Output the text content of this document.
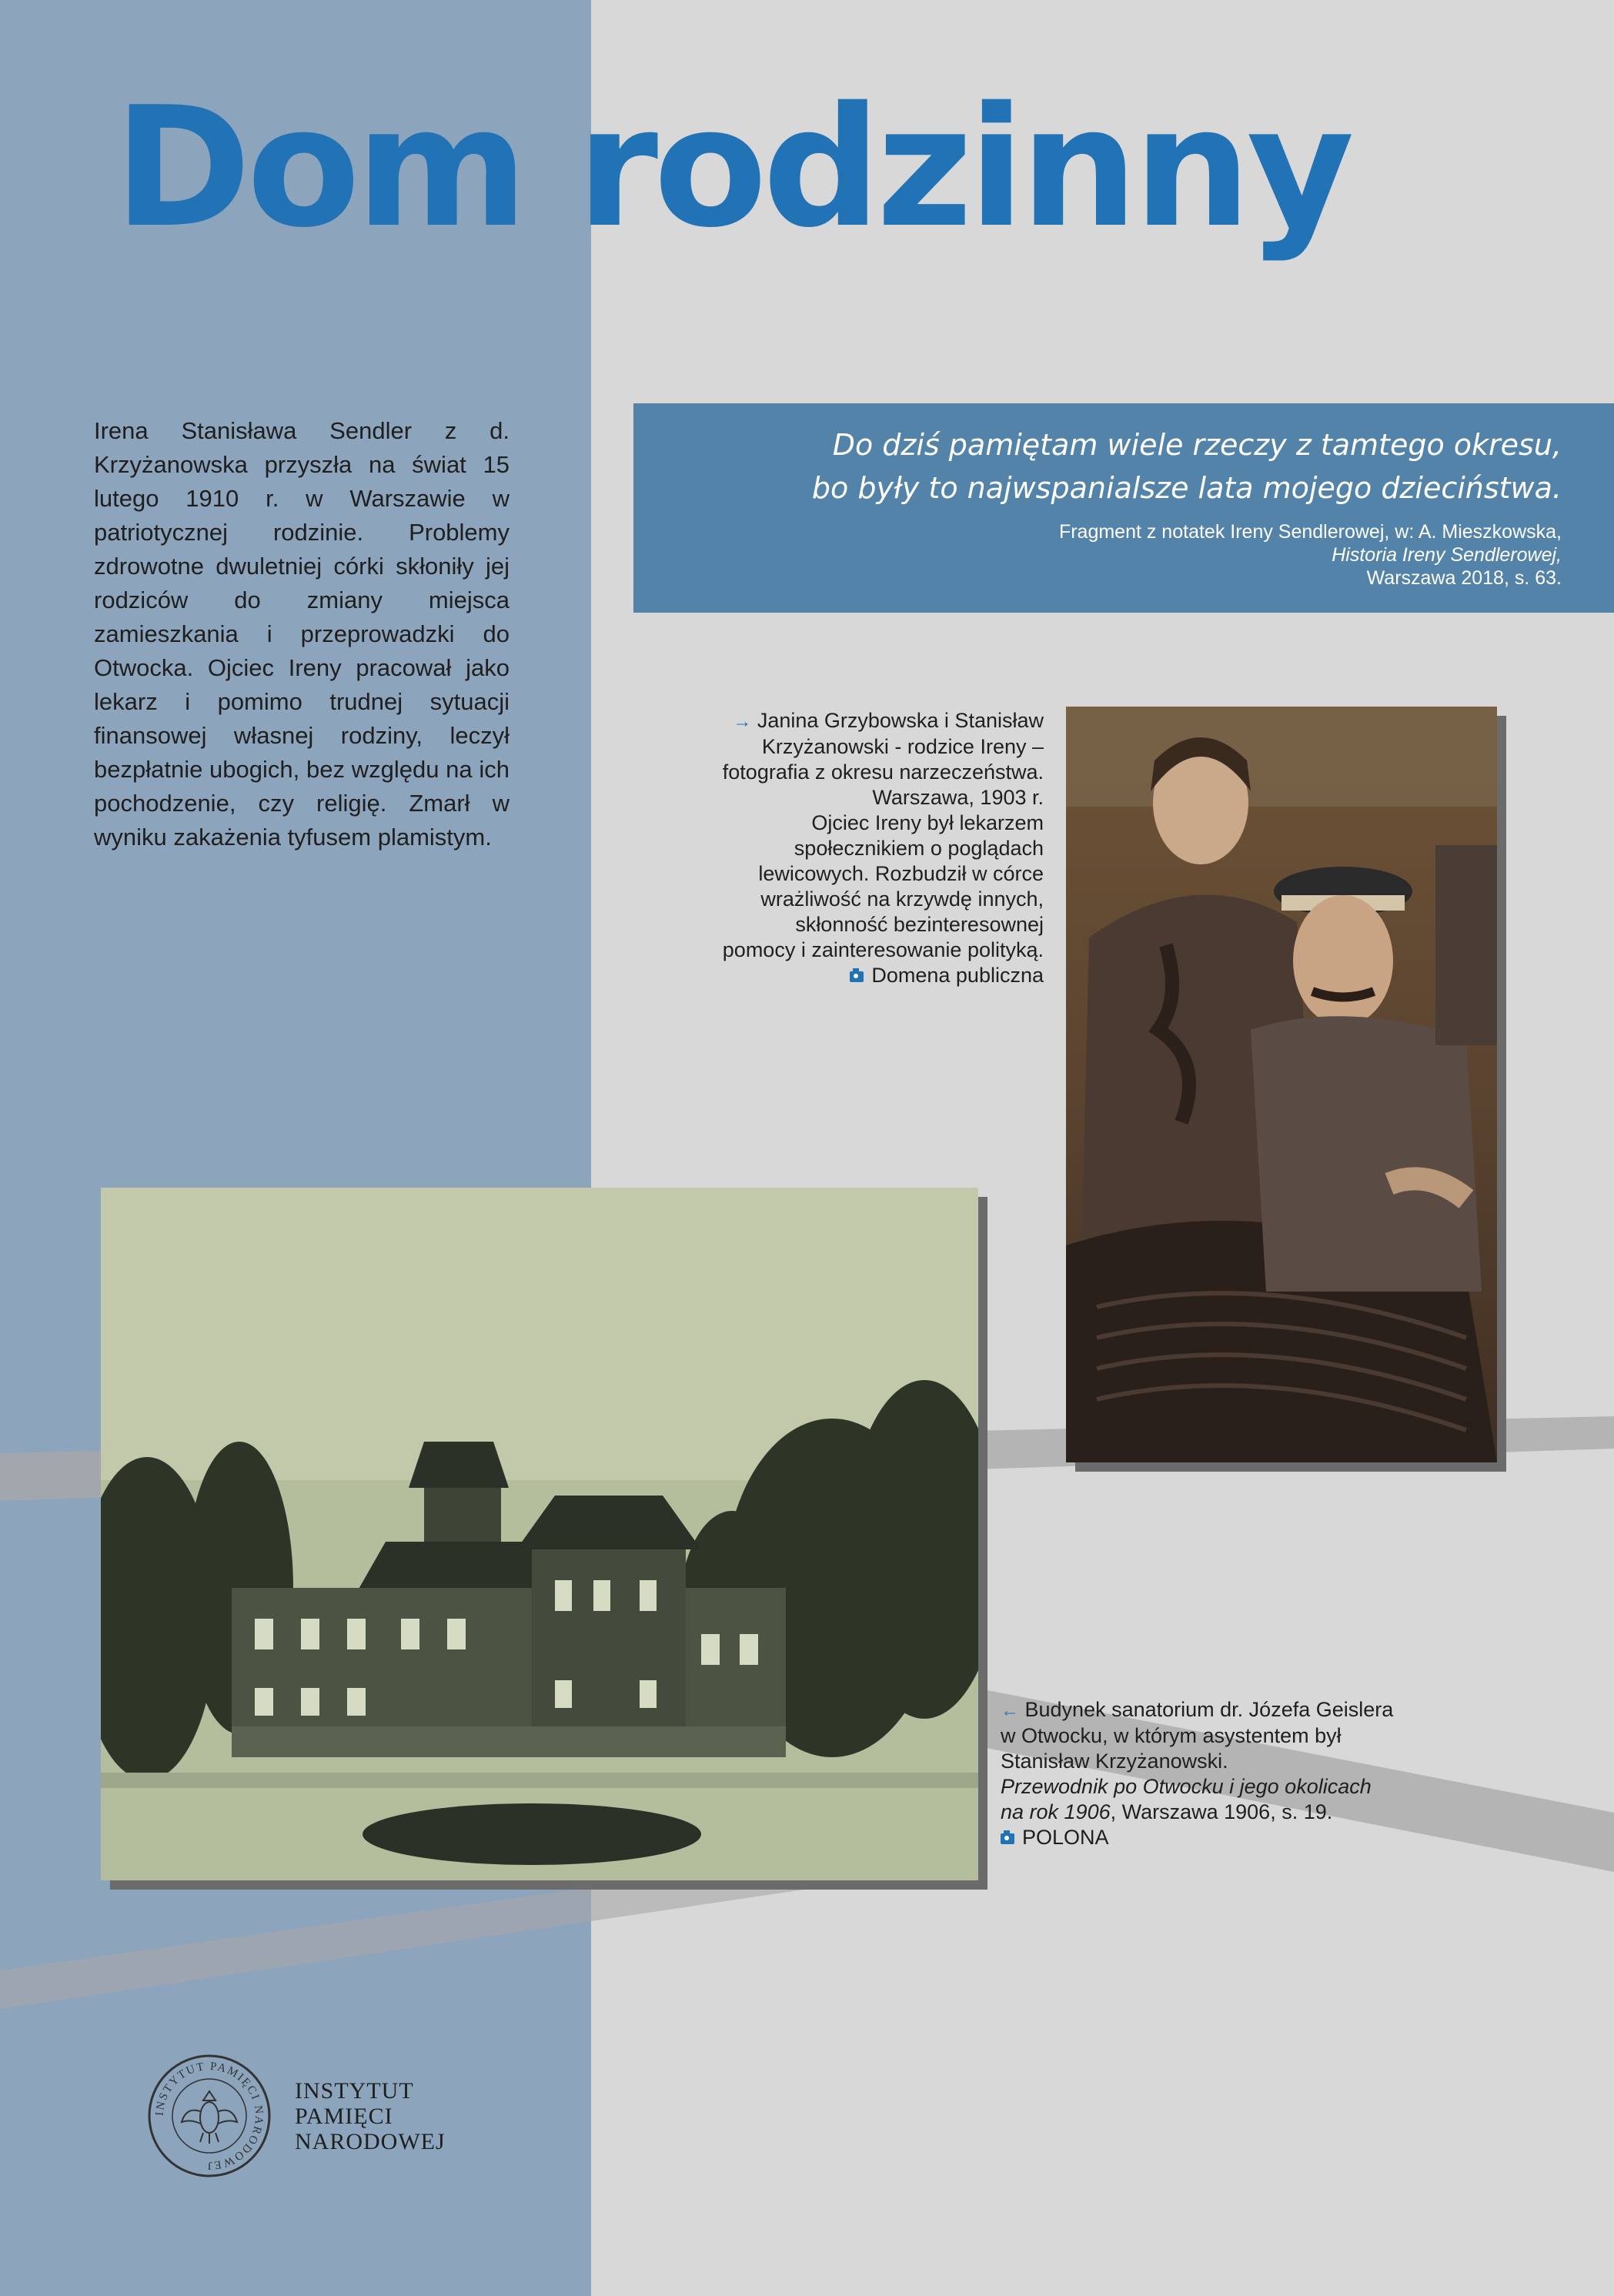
Dom rodzinny
Irena Stanisława Sendler z d. Krzyżanowska przyszła na świat 15 lutego 1910 r. w Warszawie w patriotycznej rodzinie. Problemy zdrowotne dwuletniej córki skłoniły jej rodziców do zmiany miejsca zamieszkania i przeprowadzki do Otwocka. Ojciec Ireny pracował jako lekarz i pomimo trudnej sytuacji finansowej własnej rodziny, leczył bezpłatnie ubogich, bez względu na ich pochodzenie, czy religię. Zmarł w wyniku zakażenia tyfusem plamistym.

Do dziś pamiętam wiele rzeczy z tamtego okresu,
bo były to najwspanialsze lata mojego dzieciństwa.

Fragment z notatek Ireny Sendlerowej, w: A. Mieszkowska,
Historia Ireny Sendlerowej,
Warszawa 2018, s. 63.
→ Janina Grzybowska i Stanisław
Krzyżanowski - rodzice Ireny –
fotografia z okresu narzeczeństwa.
Warszawa, 1903 r.
Ojciec Ireny był lekarzem
społecznikiem o poglądach
lewicowych. Rozbudził w córce
wrażliwość na krzywdę innych,
skłonność bezinteresownej
pomocy i zainteresowanie polityką.
Domena publiczna
← Budynek sanatorium dr. Józefa Geislera
w Otwocku, w którym asystentem był
Stanisław Krzyżanowski.
Przewodnik po Otwocku i jego okolicach
na rok 1906, Warszawa 1906, s. 19.
POLONA
INSTYTUT PAMIĘCI NARODOWEJ
INSTYTUT
PAMIĘCI
NARODOWEJ
